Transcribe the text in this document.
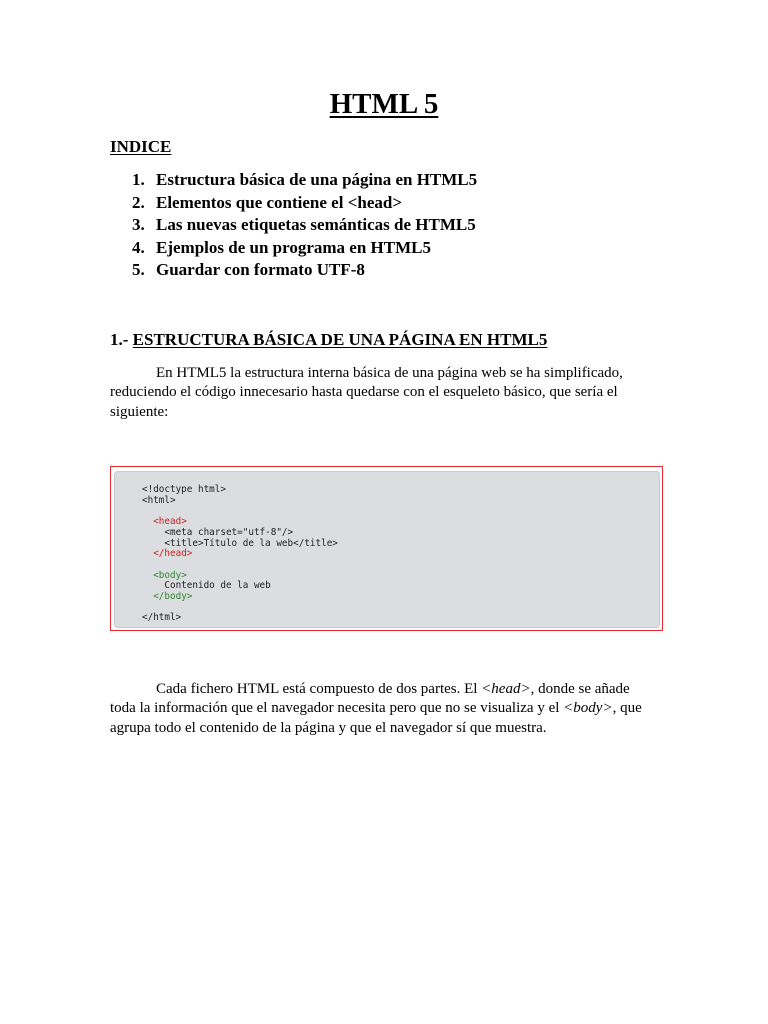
HTML 5
INDICE
1. Estructura básica de una página en HTML5
2. Elementos que contiene el <head>
3. Las nuevas etiquetas semánticas de HTML5
4. Ejemplos de un programa en HTML5
5. Guardar con formato UTF-8
1.- ESTRUCTURA BÁSICA DE UNA PÁGINA EN HTML5

En HTML5 la estructura interna básica de una página web se ha simplificado, reduciendo el código innecesario hasta quedarse con el esqueleto básico, que sería el siguiente:

<!doctype html>
<html>

<head>
<meta charset="utf-8"/>
<title>Título de la web</title>
</head>

<body>
Contenido de la web
</body>

</html>

Cada fichero HTML está compuesto de dos partes. El <head>, donde se añade toda la información que el navegador necesita pero que no se visualiza y el <body>, que agrupa todo el contenido de la página y que el navegador sí que muestra.
